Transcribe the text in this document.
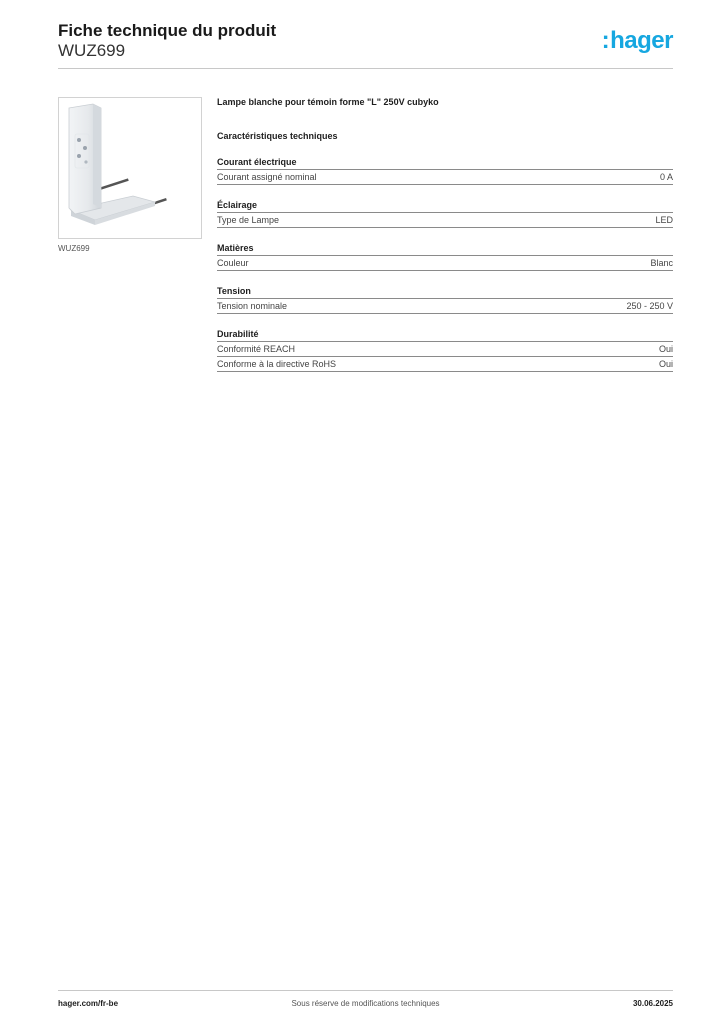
Fiche technique du produit
WUZ699	:hager
WUZ699
Lampe blanche pour témoin forme "L" 250V cubyko
Caractéristiques techniques
Courant électrique
Courant assigné nominal	0 A
Éclairage
Type de Lampe	LED
Matières
Couleur	Blanc
Tension
Tension nominale	250 - 250 V
Durabilité
Conformité REACH	Oui
Conforme à la directive RoHS	Oui
hager.com/fr-be	Sous réserve de modifications techniques	30.06.2025
